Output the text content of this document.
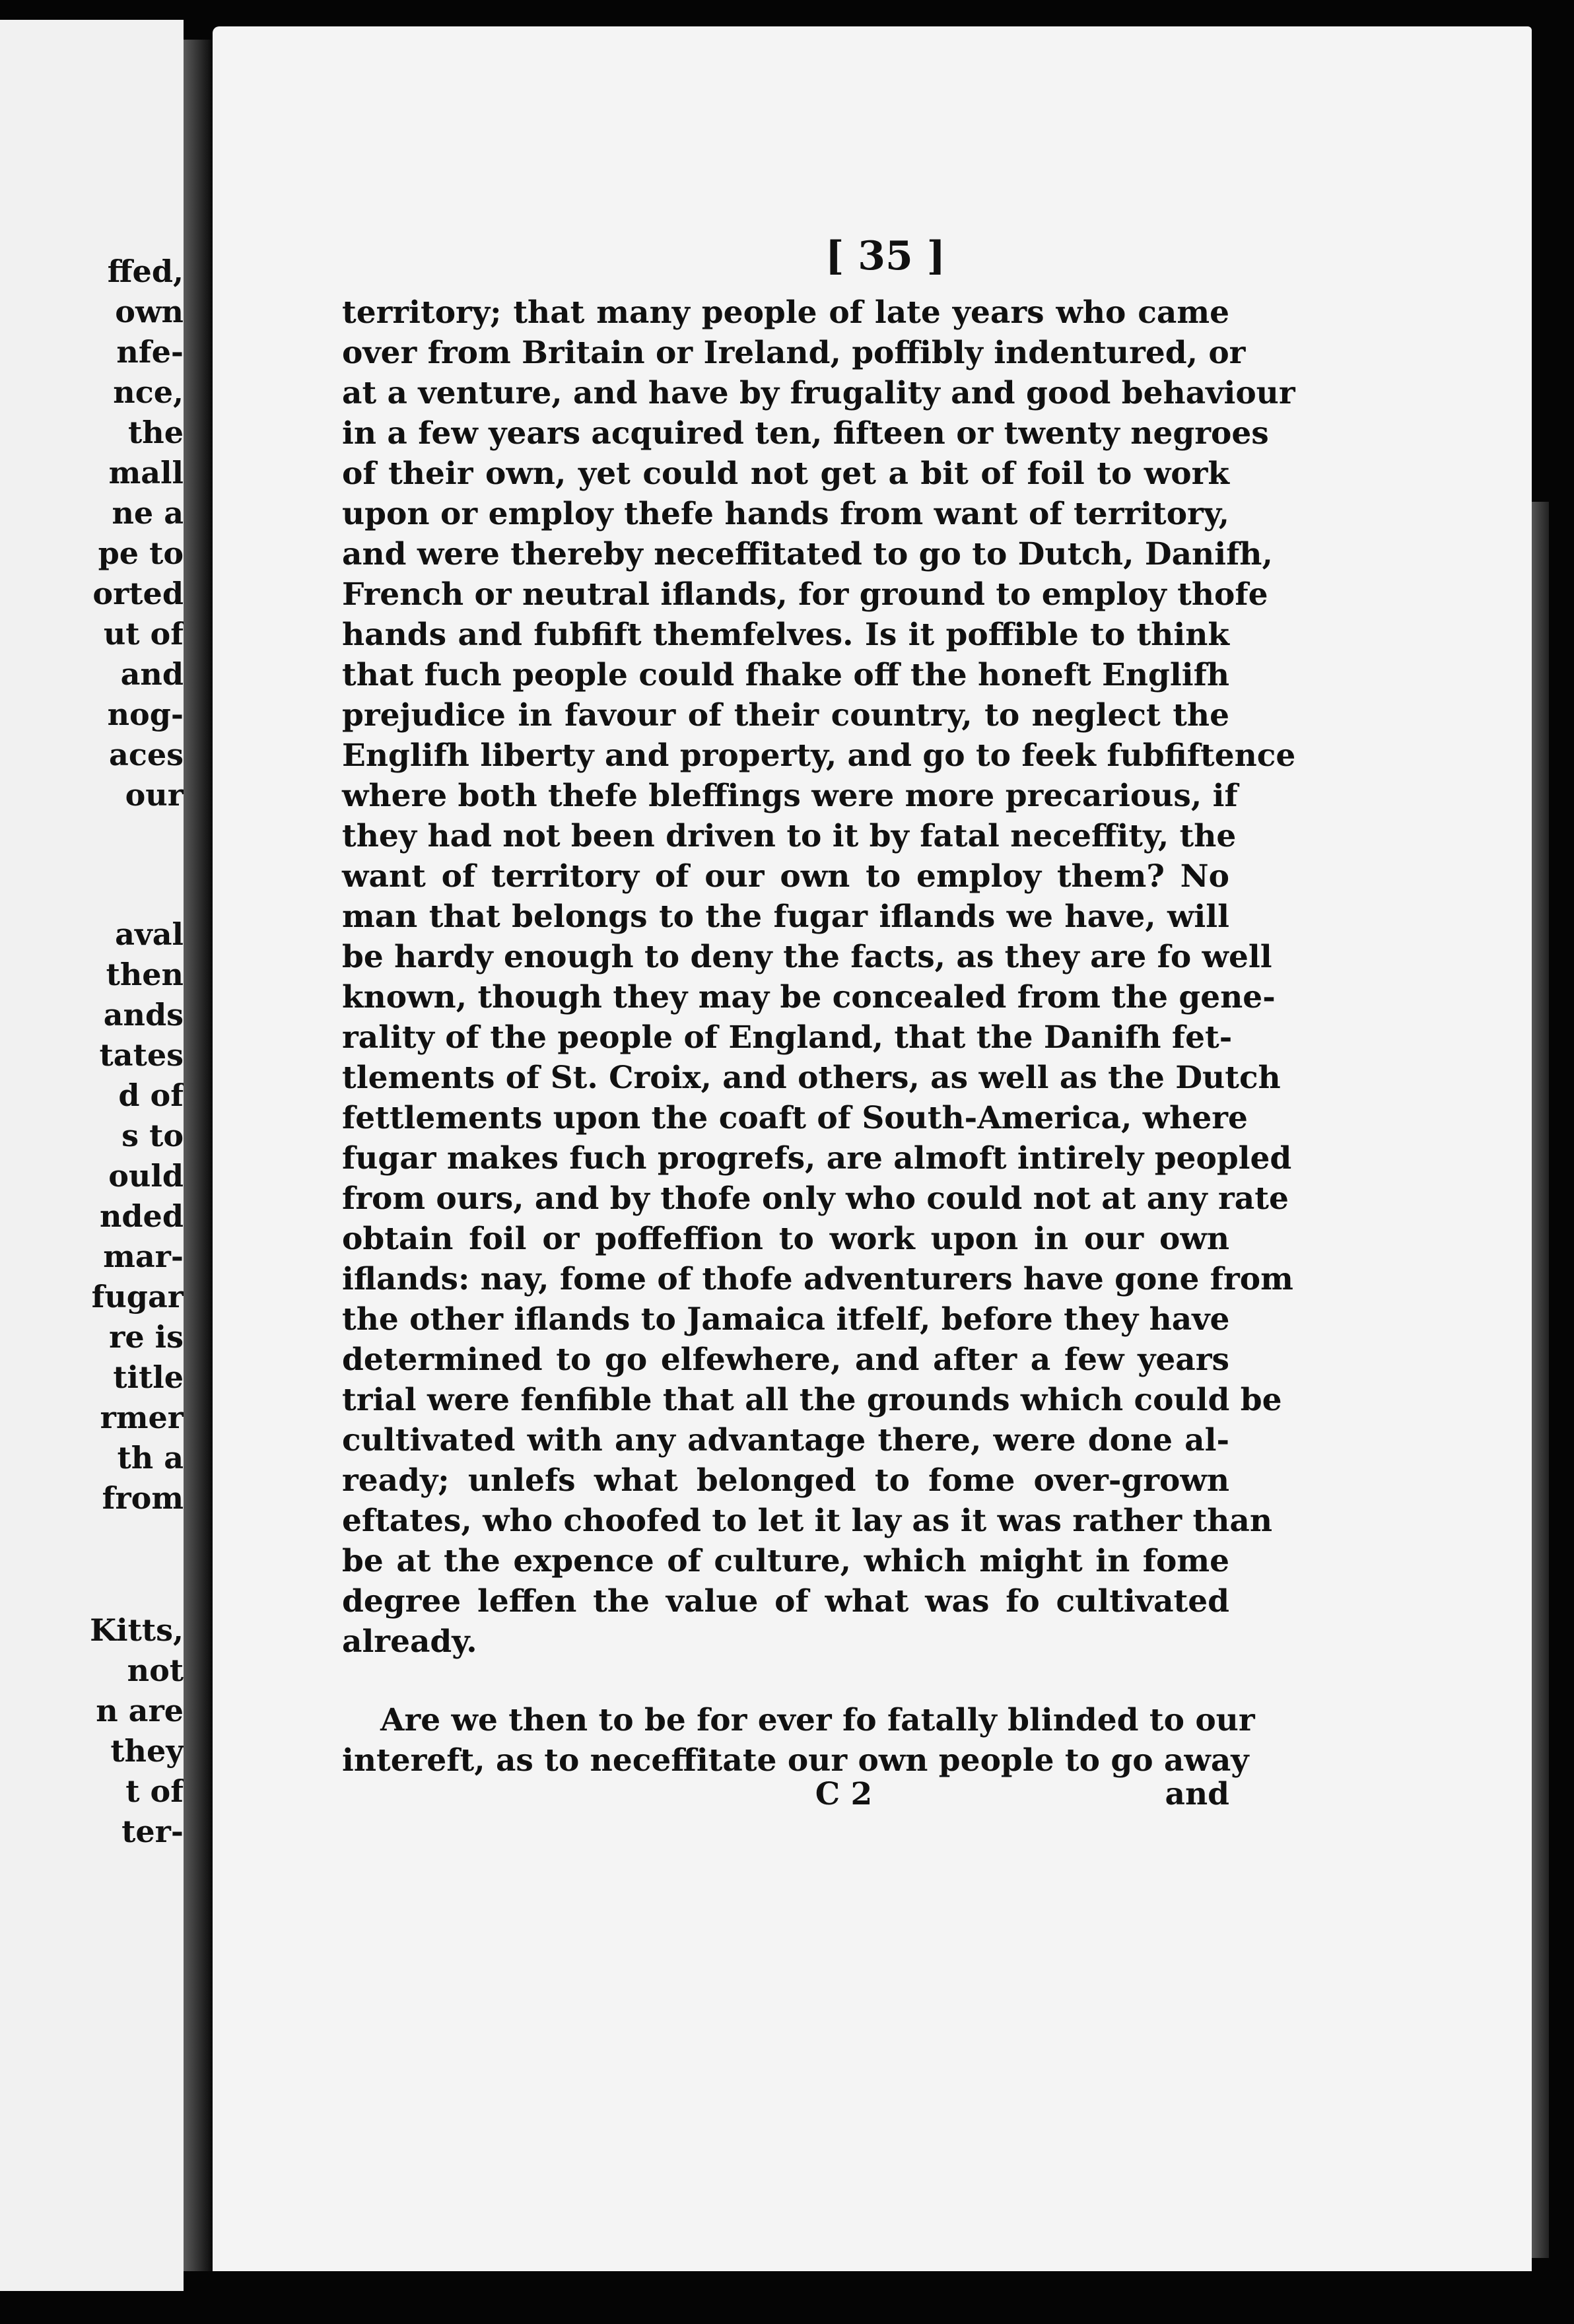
ffed,
own
nfe-
nce,
the
mall
ne a
pe to
orted
ut of
and
nog-
aces
our
aval
then
ands
tates
d of
s to
ould
nded
mar-
fugar
re is
title
rmer
th a
from
Kitts,
not
n are
they
t of
ter-
[ 35 ]
territory; that many people of late years who came
over from Britain or Ireland, poffibly indentured, or
at a venture, and have by frugality and good behaviour
in a few years acquired ten, fifteen or twenty negroes
of their own, yet could not get a bit of foil to work
upon or employ thefe hands from want of territory,
and were thereby neceffitated to go to Dutch, Danifh,
French or neutral iflands, for ground to employ thofe
hands and fubfift themfelves. Is it poffible to think
that fuch people could fhake off the honeft Englifh
prejudice in favour of their country, to neglect the
Englifh liberty and property, and go to feek fubfiftence
where both thefe bleffings were more precarious, if
they had not been driven to it by fatal neceffity, the
want of territory of our own to employ them? No
man that belongs to the fugar iflands we have, will
be hardy enough to deny the facts, as they are fo well
known, though they may be concealed from the gene-
rality of the people of England, that the Danifh fet-
tlements of St. Croix, and others, as well as the Dutch
fettlements upon the coaft of South-America, where
fugar makes fuch progrefs, are almoft intirely peopled
from ours, and by thofe only who could not at any rate
obtain foil or poffeffion to work upon in our own
iflands: nay, fome of thofe adventurers have gone from
the other iflands to Jamaica itfelf, before they have
determined to go elfewhere, and after a few years
trial were fenfible that all the grounds which could be
cultivated with any advantage there, were done al-
ready; unlefs what belonged to fome over-grown
eftates, who choofed to let it lay as it was rather than
be at the expence of culture, which might in fome
degree leffen the value of what was fo cultivated
already.
Are we then to be for ever fo fatally blinded to our
intereft, as to neceffitate our own people to go away
C 2	and
